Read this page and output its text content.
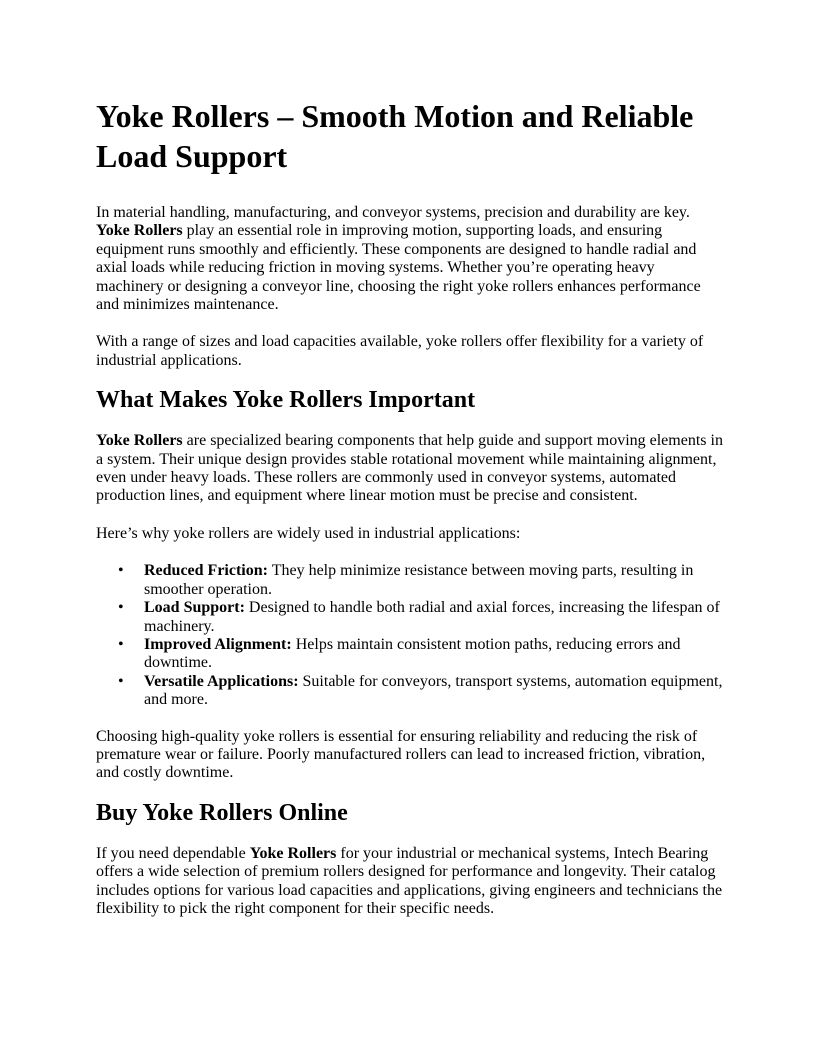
Yoke Rollers – Smooth Motion and Reliable Load Support

In material handling, manufacturing, and conveyor systems, precision and durability are key.
Yoke Rollers play an essential role in improving motion, supporting loads, and ensuring equipment runs smoothly and efficiently. These components are designed to handle radial and axial loads while reducing friction in moving systems. Whether you’re operating heavy machinery or designing a conveyor line, choosing the right yoke rollers enhances performance and minimizes maintenance.

With a range of sizes and load capacities available, yoke rollers offer flexibility for a variety of industrial applications.

What Makes Yoke Rollers Important

Yoke Rollers are specialized bearing components that help guide and support moving elements in a system. Their unique design provides stable rotational movement while maintaining alignment, even under heavy loads. These rollers are commonly used in conveyor systems, automated production lines, and equipment where linear motion must be precise and consistent.

Here’s why yoke rollers are widely used in industrial applications:

• Reduced Friction: They help minimize resistance between moving parts, resulting in smoother operation.
• Load Support: Designed to handle both radial and axial forces, increasing the lifespan of machinery.
• Improved Alignment: Helps maintain consistent motion paths, reducing errors and downtime.
• Versatile Applications: Suitable for conveyors, transport systems, automation equipment, and more.

Choosing high-quality yoke rollers is essential for ensuring reliability and reducing the risk of premature wear or failure. Poorly manufactured rollers can lead to increased friction, vibration, and costly downtime.

Buy Yoke Rollers Online

If you need dependable Yoke Rollers for your industrial or mechanical systems, Intech Bearing offers a wide selection of premium rollers designed for performance and longevity. Their catalog includes options for various load capacities and applications, giving engineers and technicians the flexibility to pick the right component for their specific needs.
